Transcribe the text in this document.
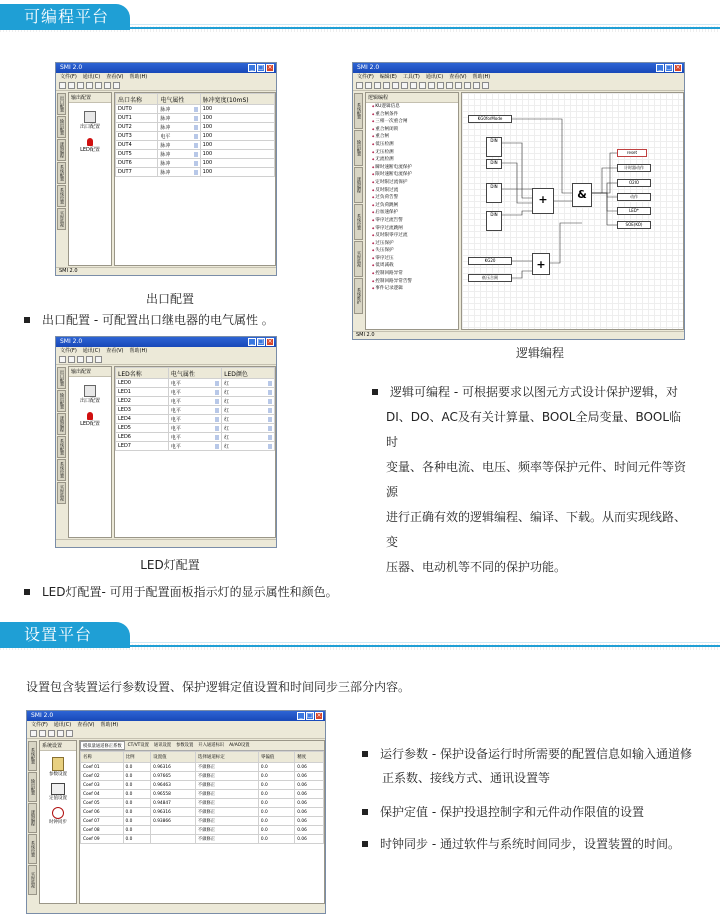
可编程平台
SMI 2.0	_ □ ×
文件(F) 通讯(C) 查看(V) 帮助(H)
出口配置
输出配置
逻辑编程
系统配置
系统设置
实时监视
输出配置
出口配置
LED配置
出口名称	电气属性	脉冲宽度(10mS)
DUT0	脉冲	100
DUT1	脉冲	100
DUT2	脉冲	100
DUT3	电平	100
DUT4	脉冲	100
DUT5	脉冲	100
DUT6	脉冲	100
DUT7	脉冲	100
SMI 2.0
出口配置
出口配置 - 可配置出口继电器的电气属性 。
SMI 2.0	_ □ ×
文件(F) 通讯(C) 查看(V) 帮助(H)
出口配置
输出配置
逻辑编程
系统配置
系统设置
实时监视
输出配置
出口配置
LED配置
LED名称	电气属性	LED颜色
LED0	电平	红
LED1	电平	红
LED2	电平	红
LED3	电平	红
LED4	电平	红
LED5	电平	红
LED6	电平	红
LED7	电平	红
LED灯配置
LED灯配置- 可用于配置面板指示灯的显示属性和颜色。
SMI 2.0	_ □ ×
文件(F) 编辑(E) 工具(T) 通讯(C) 查看(V) 帮助(H)
系统配置
输出配置
逻辑编程
系统设置
实时监视
系统维护
逻辑编程
◆ KU逻辑信息
◆ 重合闸条件
◆ 三相一次重合闸
◆ 重合闸闭锁
◆ 重合闸
◆ 低压检测
◆ 无压检测
◆ 无流检测
◆ 瞬时速断电流保护
◆ 限时速断电流保护
◆ 定时限过流保护
◆ 反时限过流
◆ 过负荷告警
◆ 过负荷跳闸
◆ 后加速保护
◆ 零序过流告警
◆ 零序过流跳闸
◆ 反时限零序过流
◆ 过压保护
◆ 失压保护
◆ 零序过压
◆ 低周减载
◆ 控制回路异常
◆ 控制回路异常告警
◆ 事件记录逻辑
KG0forMode
DIN
DIN
DIN
DIN
+	&
KG20
低压合闸
+
reset
计时器动作
O2IO
动作
LED*
SOE(KO)
SMI 2.0
逻辑编程
逻辑可编程 - 可根据要求以图元方式设计保护逻辑，对
DI、DO、AC及有关计算量、BOOL全局变量、BOOL临时
变量、各种电流、电压、频率等保护元件、时间元件等资源
进行正确有效的逻辑编程、编译、下载。从而实现线路、变
压器、电动机等不同的保护功能。
设置平台
设置包含装置运行参数设置、保护逻辑定值设置和时间同步三部分内容。
SMI 2.0	_ □ ×
文件(F) 通讯(C) 查看(V) 帮助(H)
系统配置
输出配置
逻辑编程
系统设置
实时监视
系统设置
参数设置
定值设置
时钟同步
模拟量通道修正系数	CT/VT设置	通讯设置	参数设置	开入通道标识	AI/AO设置
名称	比例	设置值	选择通道标定	零偏值	精度
Coef 01	0.0	0.96316	不做修正	0.0	0.06
Coef 02	0.0	0.97665	不做修正	0.0	0.06
Coef 03	0.0	0.96463	不做修正	0.0	0.06
Coef 04	0.0	0.96558	不做修正	0.0	0.06
Coef 05	0.0	0.94847	不做修正	0.0	0.06
Coef 06	0.0	0.96316	不做修正	0.0	0.06
Coef 07	0.0	0.93866	不做修正	0.0	0.06
Coef 08	0.0		不做修正	0.0	0.06
Coef 09	0.0		不做修正	0.0	0.06
运行参数 - 保护设备运行时所需要的配置信息如输入通道修
正系数、接线方式、通讯设置等
保护定值 - 保护投退控制字和元件动作限值的设置
时钟同步 - 通过软件与系统时间同步，设置装置的时间。
